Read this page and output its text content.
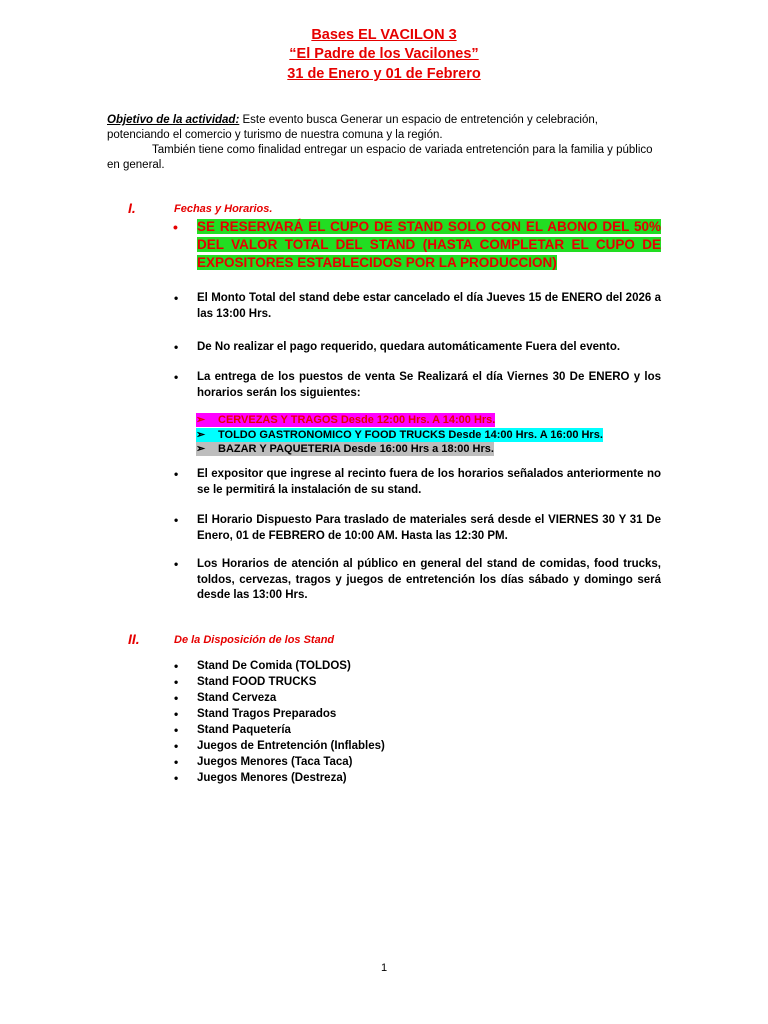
Bases EL VACILON 3
“El Padre de los Vacilones”
31 de Enero y 01 de Febrero
Objetivo de la actividad: Este evento busca Generar un espacio de entretención y celebración, potenciando el comercio y turismo de nuestra comuna y la región.
También tiene como finalidad entregar un espacio de variada entretención para la familia y público en general.
I.	Fechas y Horarios.
• SE RESERVARÁ EL CUPO DE STAND SOLO CON EL ABONO DEL 50% DEL VALOR TOTAL DEL STAND (HASTA COMPLETAR EL CUPO DE EXPOSITORES ESTABLECIDOS POR LA PRODUCCION)
• El Monto Total del stand debe estar cancelado el día Jueves 15 de ENERO del 2026 a las 13:00 Hrs.
• De No realizar el pago requerido, quedara automáticamente Fuera del evento.
• La entrega de los puestos de venta Se Realizará el día Viernes 30 De ENERO y los horarios serán los siguientes:
➢ CERVEZAS Y TRAGOS Desde 12:00 Hrs. A 14:00 Hrs.
➢ TOLDO GASTRONOMICO Y FOOD TRUCKS Desde 14:00 Hrs. A 16:00 Hrs.
➢ BAZAR Y PAQUETERIA Desde 16:00 Hrs a 18:00 Hrs.
• El expositor que ingrese al recinto fuera de los horarios señalados anteriormente no se le permitirá la instalación de su stand.
• El Horario Dispuesto Para traslado de materiales será desde el VIERNES 30 Y 31 De Enero, 01 de FEBRERO de 10:00 AM. Hasta las 12:30 PM.
• Los Horarios de atención al público en general del stand de comidas, food trucks, toldos, cervezas, tragos y juegos de entretención los días sábado y domingo será desde las 13:00 Hrs.
II.	De la Disposición de los Stand
• Stand De Comida (TOLDOS)
• Stand FOOD TRUCKS
• Stand Cerveza
• Stand Tragos Preparados
• Stand Paquetería
• Juegos de Entretención (Inflables)
• Juegos Menores (Taca Taca)
• Juegos Menores (Destreza)
1
